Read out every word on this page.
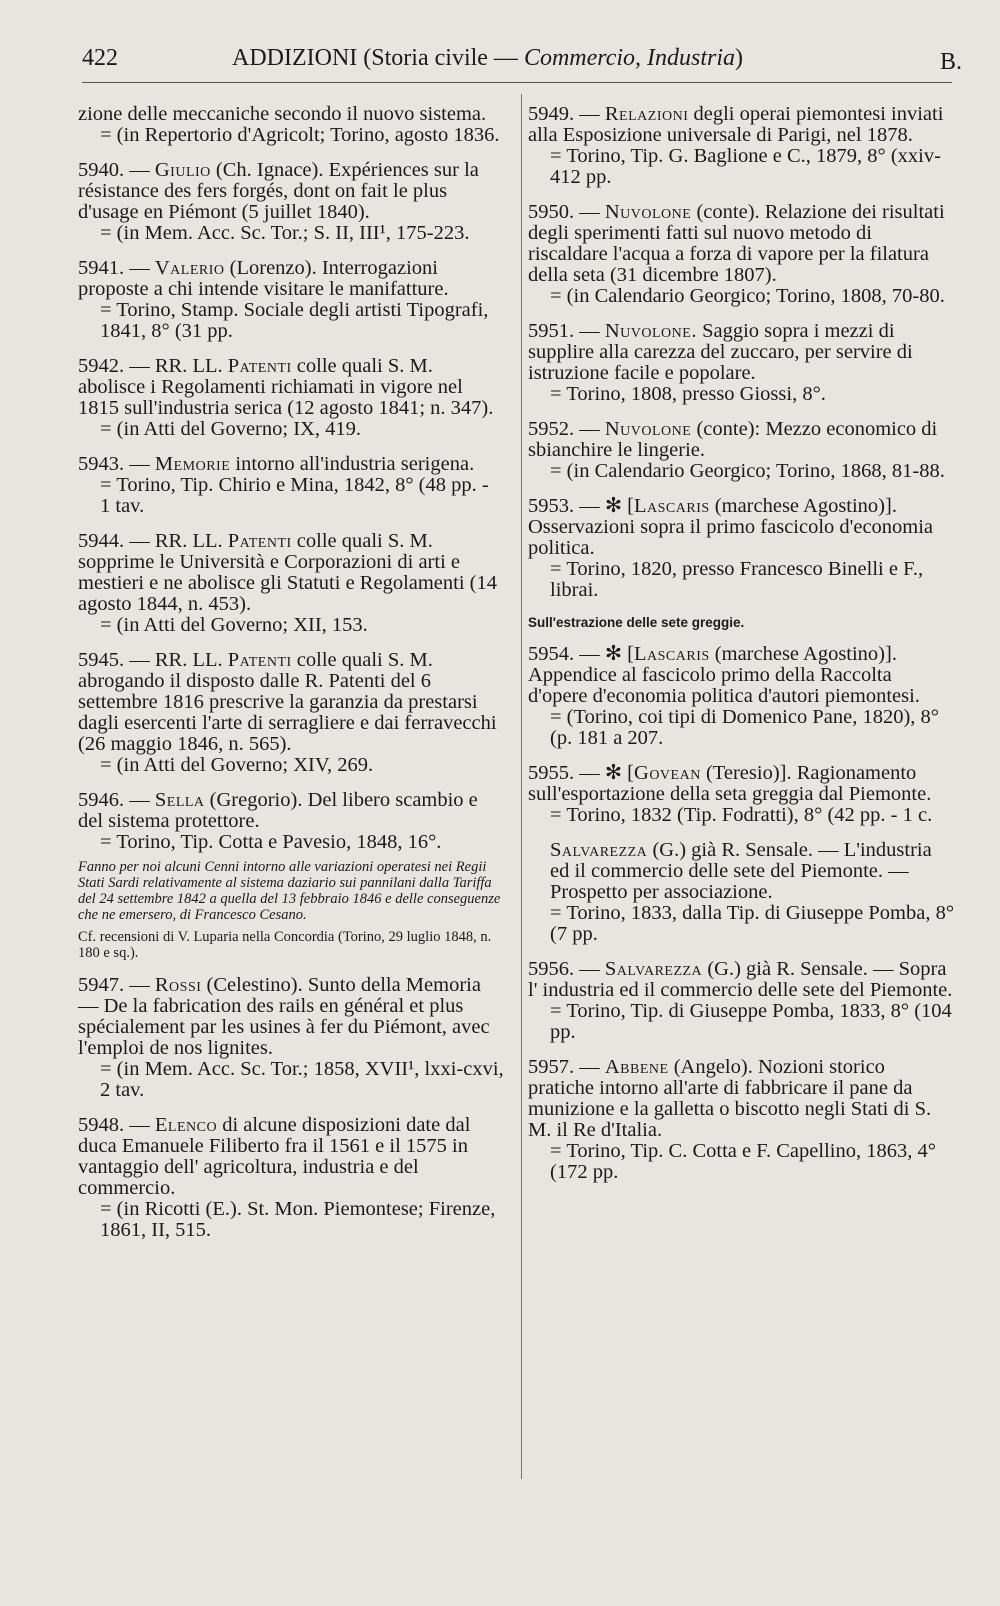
422	ADDIZIONI (Storia civile — Commercio, Industria)	B.

zione delle meccaniche secondo il nuovo sistema.

= (in Repertorio d'Agricolt; Torino, agosto 1836.

5940. — Giulio (Ch. Ignace). Expériences sur la résistance des fers forgés, dont on fait le plus d'usage en Piémont (5 juillet 1840).

= (in Mem. Acc. Sc. Tor.; S. II, III¹, 175-223.

5941. — Valerio (Lorenzo). Interrogazioni proposte a chi intende visitare le manifatture.

= Torino, Stamp. Sociale degli artisti Tipografi, 1841, 8° (31 pp.

5942. — RR. LL. Patenti colle quali S. M. abolisce i Regolamenti richiamati in vigore nel 1815 sull'industria serica (12 agosto 1841; n. 347).

= (in Atti del Governo; IX, 419.

5943. — Memorie intorno all'industria serigena.

= Torino, Tip. Chirio e Mina, 1842, 8° (48 pp. - 1 tav.

5944. — RR. LL. Patenti colle quali S. M. sopprime le Università e Corporazioni di arti e mestieri e ne abolisce gli Statuti e Regolamenti (14 agosto 1844, n. 453).

= (in Atti del Governo; XII, 153.

5945. — RR. LL. Patenti colle quali S. M. abrogando il disposto dalle R. Patenti del 6 settembre 1816 prescrive la garanzia da prestarsi dagli esercenti l'arte di serragliere e dai ferravecchi (26 maggio 1846, n. 565).

= (in Atti del Governo; XIV, 269.

5946. — Sella (Gregorio). Del libero scambio e del sistema protettore.

= Torino, Tip. Cotta e Pavesio, 1848, 16°.

Fanno per noi alcuni Cenni intorno alle variazioni operatesi nei Regii Stati Sardi relativamente al sistema daziario sui pannilani dalla Tariffa del 24 settembre 1842 a quella del 13 febbraio 1846 e delle conseguenze che ne emersero, di Francesco Cesano.

Cf. recensioni di V. Luparia nella Concordia (Torino, 29 luglio 1848, n. 180 e sq.).

5947. — Rossi (Celestino). Sunto della Memoria — De la fabrication des rails en général et plus spécialement par les usines à fer du Piémont, avec l'emploi de nos lignites.

= (in Mem. Acc. Sc. Tor.; 1858, XVII¹, lxxi-cxvi, 2 tav.

5948. — Elenco di alcune disposizioni date dal duca Emanuele Filiberto fra il 1561 e il 1575 in vantaggio dell' agricoltura, industria e del commercio.

= (in Ricotti (E.). St. Mon. Piemontese; Firenze, 1861, II, 515.

5949. — Relazioni degli operai piemontesi inviati alla Esposizione universale di Parigi, nel 1878.

= Torino, Tip. G. Baglione e C., 1879, 8° (xxiv-412 pp.

5950. — Nuvolone (conte). Relazione dei risultati degli sperimenti fatti sul nuovo metodo di riscaldare l'acqua a forza di vapore per la filatura della seta (31 dicembre 1807).

= (in Calendario Georgico; Torino, 1808, 70-80.

5951. — Nuvolone. Saggio sopra i mezzi di supplire alla carezza del zuccaro, per servire di istruzione facile e popolare.

= Torino, 1808, presso Giossi, 8°.

5952. — Nuvolone (conte): Mezzo economico di sbianchire le lingerie.

= (in Calendario Georgico; Torino, 1868, 81-88.

5953. — ✻ [Lascaris (marchese Agostino)]. Osservazioni sopra il primo fascicolo d'economia politica.

= Torino, 1820, presso Francesco Binelli e F., librai.

Sull'estrazione delle sete greggie.

5954. — ✻ [Lascaris (marchese Agostino)]. Appendice al fascicolo primo della Raccolta d'opere d'economia politica d'autori piemontesi.

= (Torino, coi tipi di Domenico Pane, 1820), 8° (p. 181 a 207.

5955. — ✻ [Govean (Teresio)]. Ragionamento sull'esportazione della seta greggia dal Piemonte.

= Torino, 1832 (Tip. Fodratti), 8° (42 pp. - 1 c.

Salvarezza (G.) già R. Sensale. — L'industria ed il commercio delle sete del Piemonte. — Prospetto per associazione.

= Torino, 1833, dalla Tip. di Giuseppe Pomba, 8° (7 pp.

5956. — Salvarezza (G.) già R. Sensale. — Sopra l' industria ed il commercio delle sete del Piemonte.

= Torino, Tip. di Giuseppe Pomba, 1833, 8° (104 pp.

5957. — Abbene (Angelo). Nozioni storico pratiche intorno all'arte di fabbricare il pane da munizione e la galletta o biscotto negli Stati di S. M. il Re d'Italia.

= Torino, Tip. C. Cotta e F. Capellino, 1863, 4° (172 pp.
